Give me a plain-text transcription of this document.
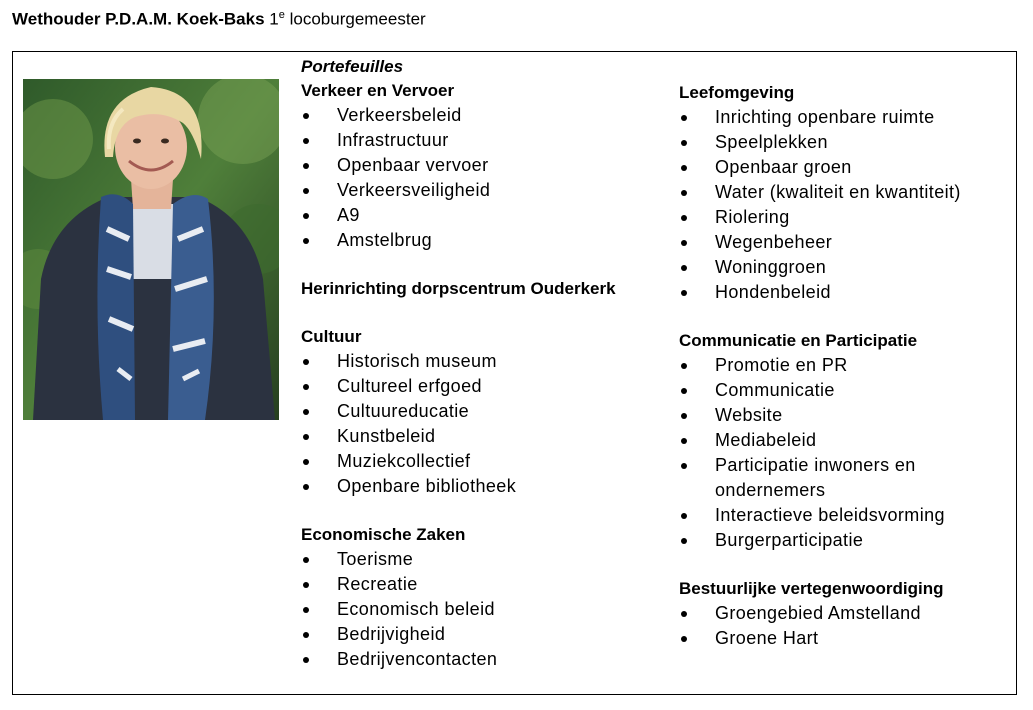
Wethouder P.D.A.M. Koek-Baks 1e locoburgemeester
Portefeuilles
Verkeer en Vervoer
Verkeersbeleid
Infrastructuur
Openbaar vervoer
Verkeersveiligheid
A9
Amstelbrug
Herinrichting dorpscentrum Ouderkerk
Cultuur
Historisch museum
Cultureel erfgoed
Cultuureducatie
Kunstbeleid
Muziekcollectief
Openbare bibliotheek
Economische Zaken
Toerisme
Recreatie
Economisch beleid
Bedrijvigheid
Bedrijvencontacten
Leefomgeving
Inrichting openbare ruimte
Speelplekken
Openbaar groen
Water (kwaliteit en kwantiteit)
Riolering
Wegenbeheer
Woninggroen
Hondenbeleid
Communicatie en Participatie
Promotie en PR
Communicatie
Website
Mediabeleid
Participatie inwoners en ondernemers
Interactieve beleidsvorming
Burgerparticipatie
Bestuurlijke vertegenwoordiging
Groengebied Amstelland
Groene Hart
